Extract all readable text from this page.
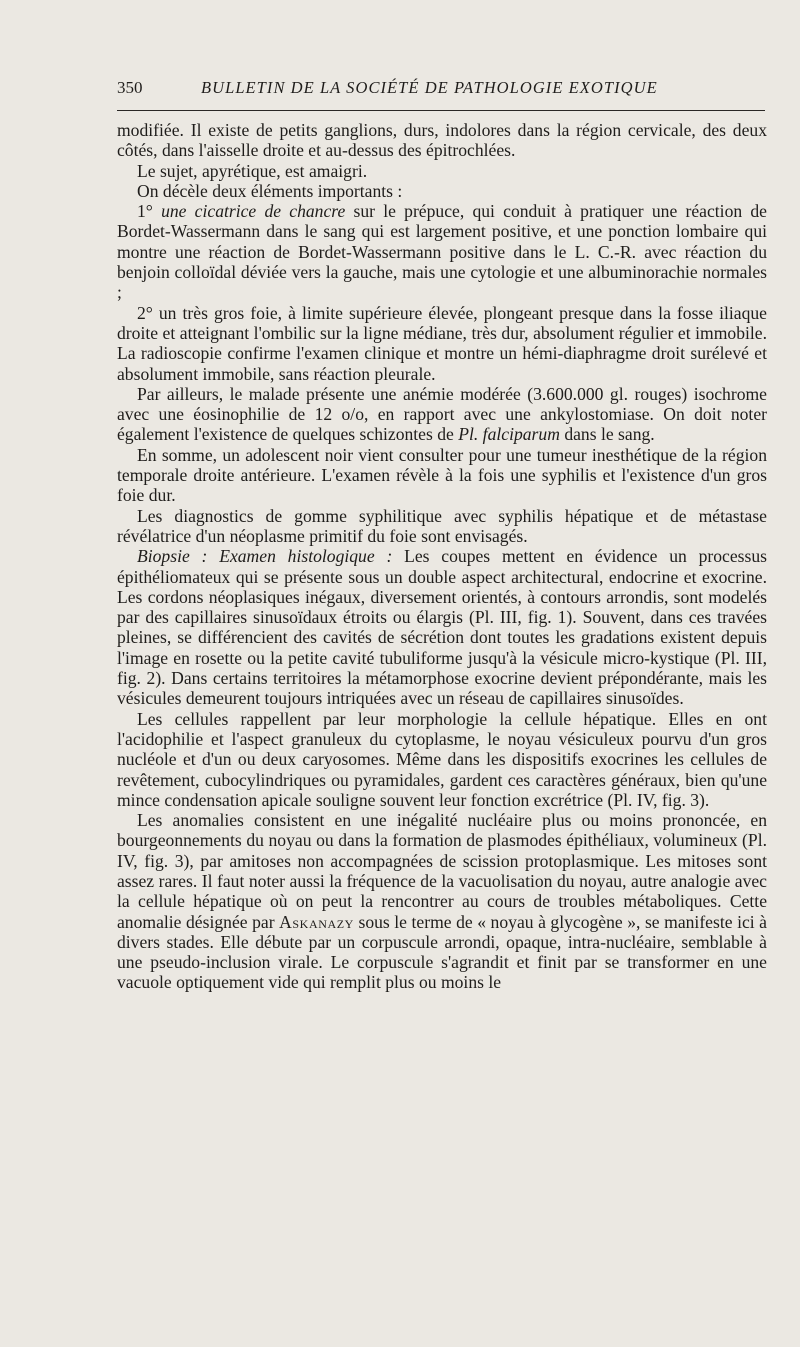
350	BULLETIN DE LA SOCIÉTÉ DE PATHOLOGIE EXOTIQUE

modifiée. Il existe de petits ganglions, durs, indolores dans la région cervicale, des deux côtés, dans l'aisselle droite et au-dessus des épitrochlées.

Le sujet, apyrétique, est amaigri.

On décèle deux éléments importants :

1° une cicatrice de chancre sur le prépuce, qui conduit à pratiquer une réaction de Bordet-Wassermann dans le sang qui est largement positive, et une ponction lombaire qui montre une réaction de Bordet-Wassermann positive dans le L. C.-R. avec réaction du benjoin colloïdal déviée vers la gauche, mais une cytologie et une albuminorachie normales ;

2° un très gros foie, à limite supérieure élevée, plongeant presque dans la fosse iliaque droite et atteignant l'ombilic sur la ligne médiane, très dur, absolument régulier et immobile. La radioscopie confirme l'examen clinique et montre un hémi-diaphragme droit surélevé et absolument immobile, sans réaction pleurale.

Par ailleurs, le malade présente une anémie modérée (3.600.000 gl. rouges) isochrome avec une éosinophilie de 12 o/o, en rapport avec une ankylostomiase. On doit noter également l'existence de quelques schizontes de Pl. falciparum dans le sang.

En somme, un adolescent noir vient consulter pour une tumeur inesthétique de la région temporale droite antérieure. L'examen révèle à la fois une syphilis et l'existence d'un gros foie dur.

Les diagnostics de gomme syphilitique avec syphilis hépatique et de métastase révélatrice d'un néoplasme primitif du foie sont envisagés.

Biopsie : Examen histologique : Les coupes mettent en évidence un processus épithéliomateux qui se présente sous un double aspect architectural, endocrine et exocrine. Les cordons néoplasiques inégaux, diversement orientés, à contours arrondis, sont modelés par des capillaires sinusoïdaux étroits ou élargis (Pl. III, fig. 1). Souvent, dans ces travées pleines, se différencient des cavités de sécrétion dont toutes les gradations existent depuis l'image en rosette ou la petite cavité tubuliforme jusqu'à la vésicule micro-kystique (Pl. III, fig. 2). Dans certains territoires la métamorphose exocrine devient prépondérante, mais les vésicules demeurent toujours intriquées avec un réseau de capillaires sinusoïdes.

Les cellules rappellent par leur morphologie la cellule hépatique. Elles en ont l'acidophilie et l'aspect granuleux du cytoplasme, le noyau vésiculeux pourvu d'un gros nucléole et d'un ou deux caryosomes. Même dans les dispositifs exocrines les cellules de revêtement, cubocylindriques ou pyramidales, gardent ces caractères généraux, bien qu'une mince condensation apicale souligne souvent leur fonction excrétrice (Pl. IV, fig. 3).

Les anomalies consistent en une inégalité nucléaire plus ou moins prononcée, en bourgeonnements du noyau ou dans la formation de plasmodes épithéliaux, volumineux (Pl. IV, fig. 3), par amitoses non accompagnées de scission protoplasmique. Les mitoses sont assez rares. Il faut noter aussi la fréquence de la vacuolisation du noyau, autre analogie avec la cellule hépatique où on peut la rencontrer au cours de troubles métaboliques. Cette anomalie désignée par Askanazy sous le terme de « noyau à glycogène », se manifeste ici à divers stades. Elle débute par un corpuscule arrondi, opaque, intra-nucléaire, semblable à une pseudo-inclusion virale. Le corpuscule s'agrandit et finit par se transformer en une vacuole optiquement vide qui remplit plus ou moins le
